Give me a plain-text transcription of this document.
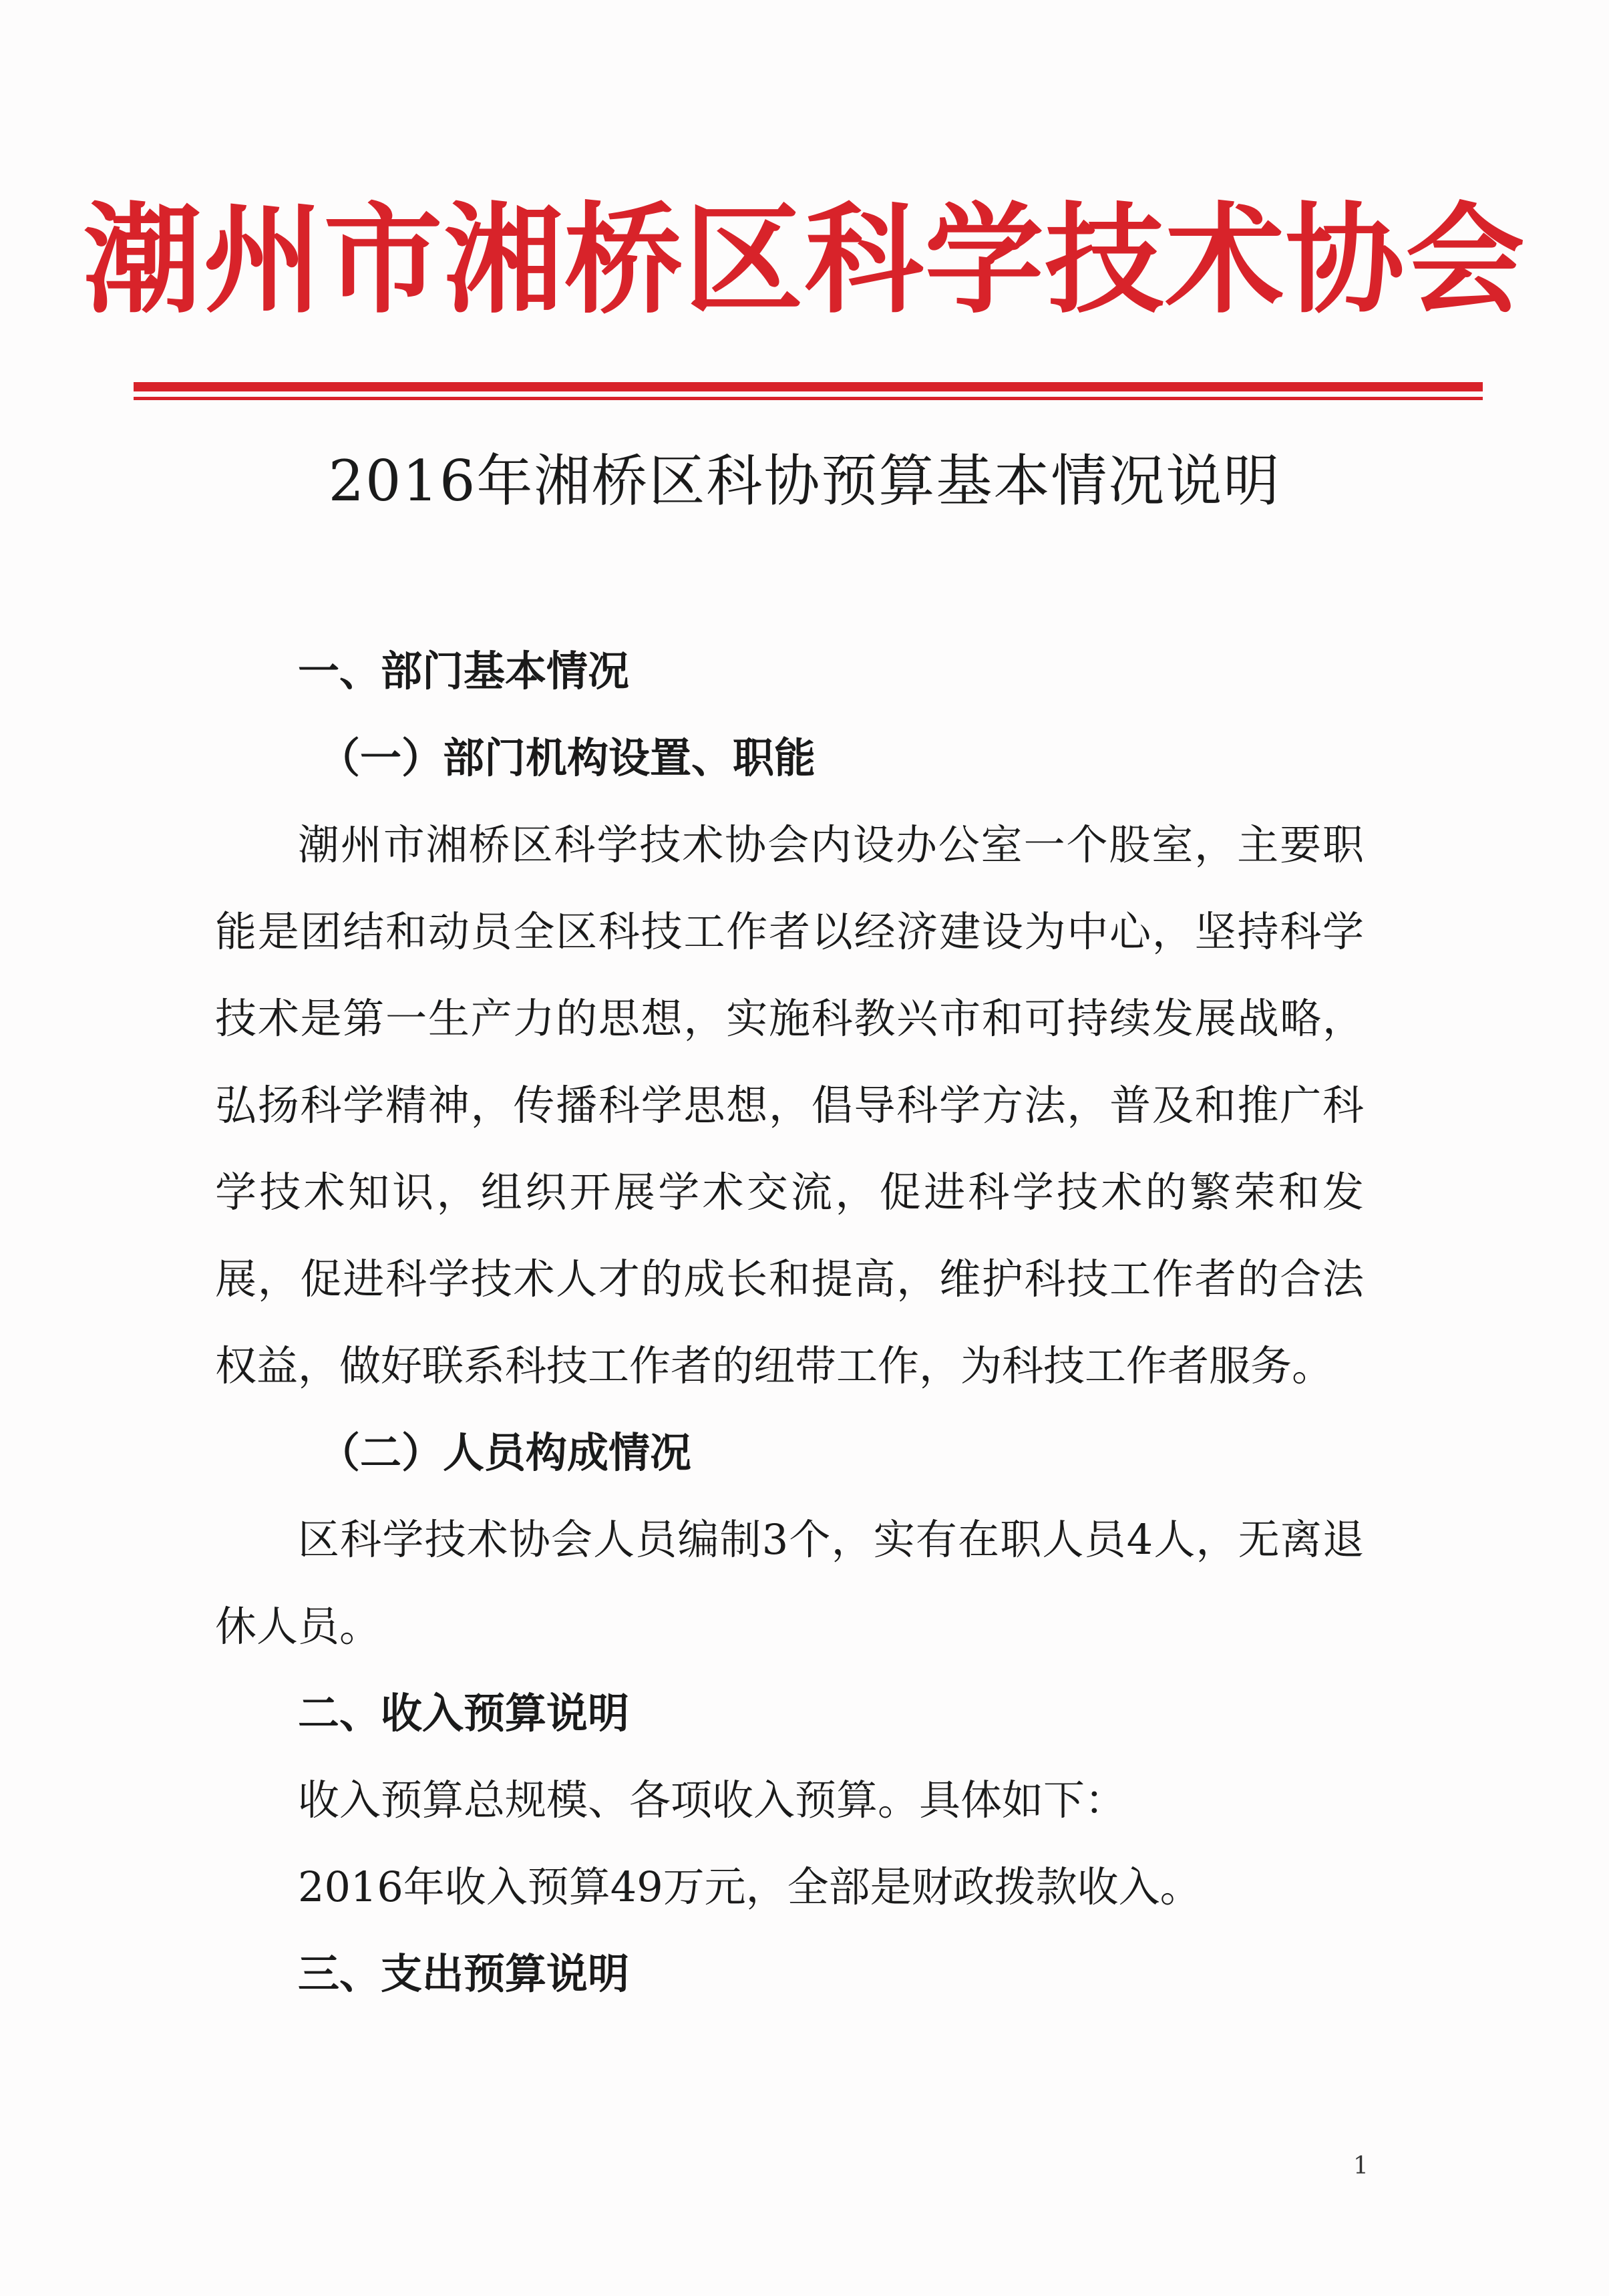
潮州市湘桥区科学技术协会
2016年湘桥区科协预算基本情况说明

一、部门基本情况

（一）部门机构设置、职能

潮州市湘桥区科学技术协会内设办公室一个股室，主要职能是团结和动员全区科技工作者以经济建设为中心，坚持科学技术是第一生产力的思想，实施科教兴市和可持续发展战略，弘扬科学精神，传播科学思想，倡导科学方法，普及和推广科学技术知识，组织开展学术交流，促进科学技术的繁荣和发展，促进科学技术人才的成长和提高，维护科技工作者的合法权益，做好联系科技工作者的纽带工作，为科技工作者服务。

（二）人员构成情况

区科学技术协会人员编制3个，实有在职人员4人，无离退休人员。

二、收入预算说明

收入预算总规模、各项收入预算。具体如下：

2016年收入预算49万元，全部是财政拨款收入。

三、支出预算说明

1
